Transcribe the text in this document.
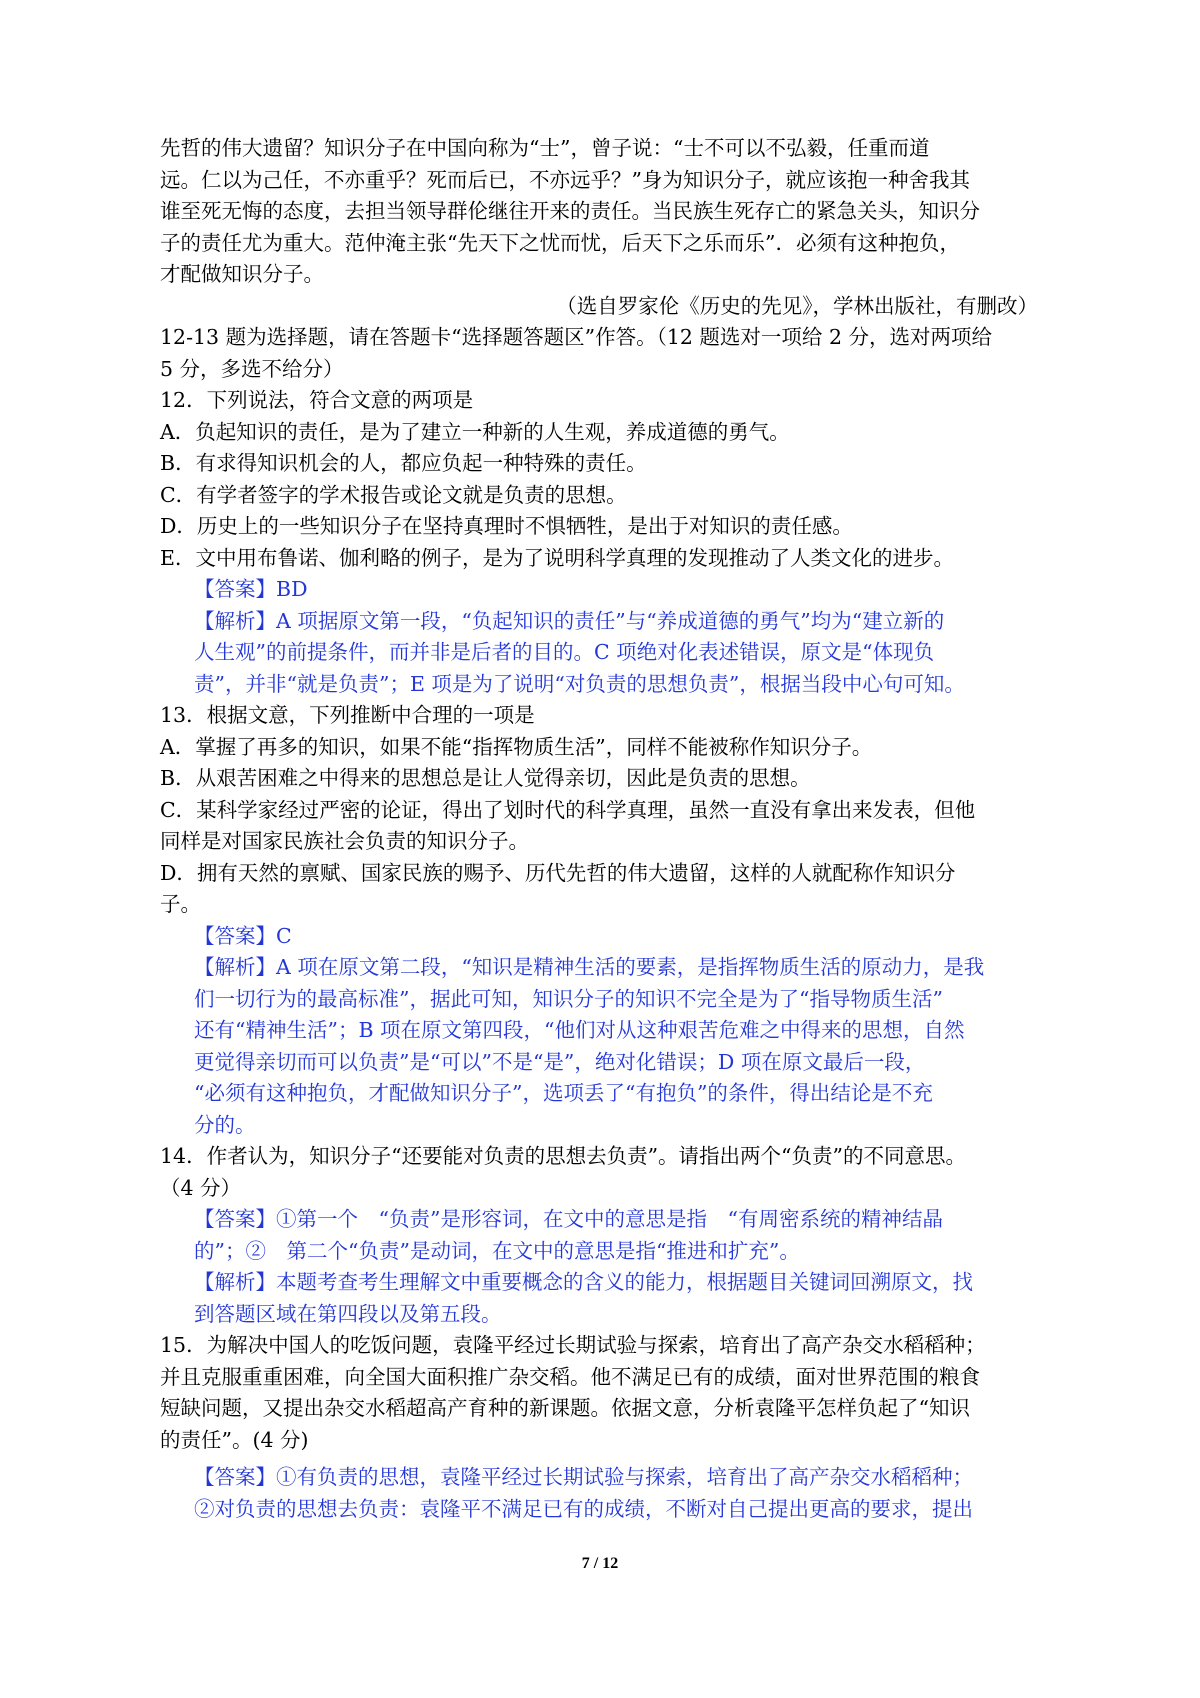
先哲的伟大遗留？知识分子在中国向称为“士”，曾子说：“士不可以不弘毅，任重而道
远。仁以为己任，不亦重乎？死而后已，不亦远乎？”身为知识分子，就应该抱一种舍我其
谁至死无悔的态度，去担当领导群伦继往开来的责任。当民族生死存亡的紧急关头，知识分
子的责任尤为重大。范仲淹主张“先天下之忧而忧，后天下之乐而乐”．必须有这种抱负，
才配做知识分子。
（选自罗家伦《历史的先见》，学林出版社，有删改）
12-13 题为选择题，请在答题卡“选择题答题区”作答。（12 题选对一项给 2 分，选对两项给
5 分，多选不给分）
12．下列说法，符合文意的两项是
A．负起知识的责任，是为了建立一种新的人生观，养成道德的勇气。
B．有求得知识机会的人，都应负起一种特殊的责任。
C．有学者签字的学术报告或论文就是负责的思想。
D．历史上的一些知识分子在坚持真理时不惧牺牲，是出于对知识的责任感。
E．文中用布鲁诺、伽利略的例子，是为了说明科学真理的发现推动了人类文化的进步。
【答案】BD
【解析】A 项据原文第一段，“负起知识的责任”与“养成道德的勇气”均为“建立新的
人生观”的前提条件，而并非是后者的目的。C 项绝对化表述错误，原文是“体现负
责”，并非“就是负责”；E 项是为了说明“对负责的思想负责”，根据当段中心句可知。
13．根据文意，下列推断中合理的一项是
A．掌握了再多的知识，如果不能“指挥物质生活”，同样不能被称作知识分子。
B．从艰苦困难之中得来的思想总是让人觉得亲切，因此是负责的思想。
C．某科学家经过严密的论证，得出了划时代的科学真理，虽然一直没有拿出来发表，但他
同样是对国家民族社会负责的知识分子。
D．拥有天然的禀赋、国家民族的赐予、历代先哲的伟大遗留，这样的人就配称作知识分
子。
【答案】C
【解析】A 项在原文第二段，“知识是精神生活的要素，是指挥物质生活的原动力，是我
们一切行为的最高标准”，据此可知，知识分子的知识不完全是为了“指导物质生活”
还有“精神生活”；B 项在原文第四段，“他们对从这种艰苦危难之中得来的思想，自然
更觉得亲切而可以负责”是“可以”不是“是”，绝对化错误；D 项在原文最后一段，
“必须有这种抱负，才配做知识分子”，选项丢了“有抱负”的条件，得出结论是不充
分的。
14．作者认为，知识分子“还要能对负责的思想去负责”。请指出两个“负责”的不同意思。
（4 分）
【答案】①第一个　“负责”是形容词，在文中的意思是指　“有周密系统的精神结晶
的”；②　第二个“负责”是动词，在文中的意思是指“推进和扩充”。
【解析】本题考查考生理解文中重要概念的含义的能力，根据题目关键词回溯原文，找
到答题区域在第四段以及第五段。
15．为解决中国人的吃饭问题，袁隆平经过长期试验与探索，培育出了高产杂交水稻稻种；
并且克服重重困难，向全国大面积推广杂交稻。他不满足已有的成绩，面对世界范围的粮食
短缺问题，又提出杂交水稻超高产育种的新课题。依据文意，分析袁隆平怎样负起了“知识
的责任”。(4 分)
【答案】①有负责的思想，袁隆平经过长期试验与探索，培育出了高产杂交水稻稻种；
②对负责的思想去负责：袁隆平不满足已有的成绩，不断对自己提出更高的要求，提出
7 / 12
